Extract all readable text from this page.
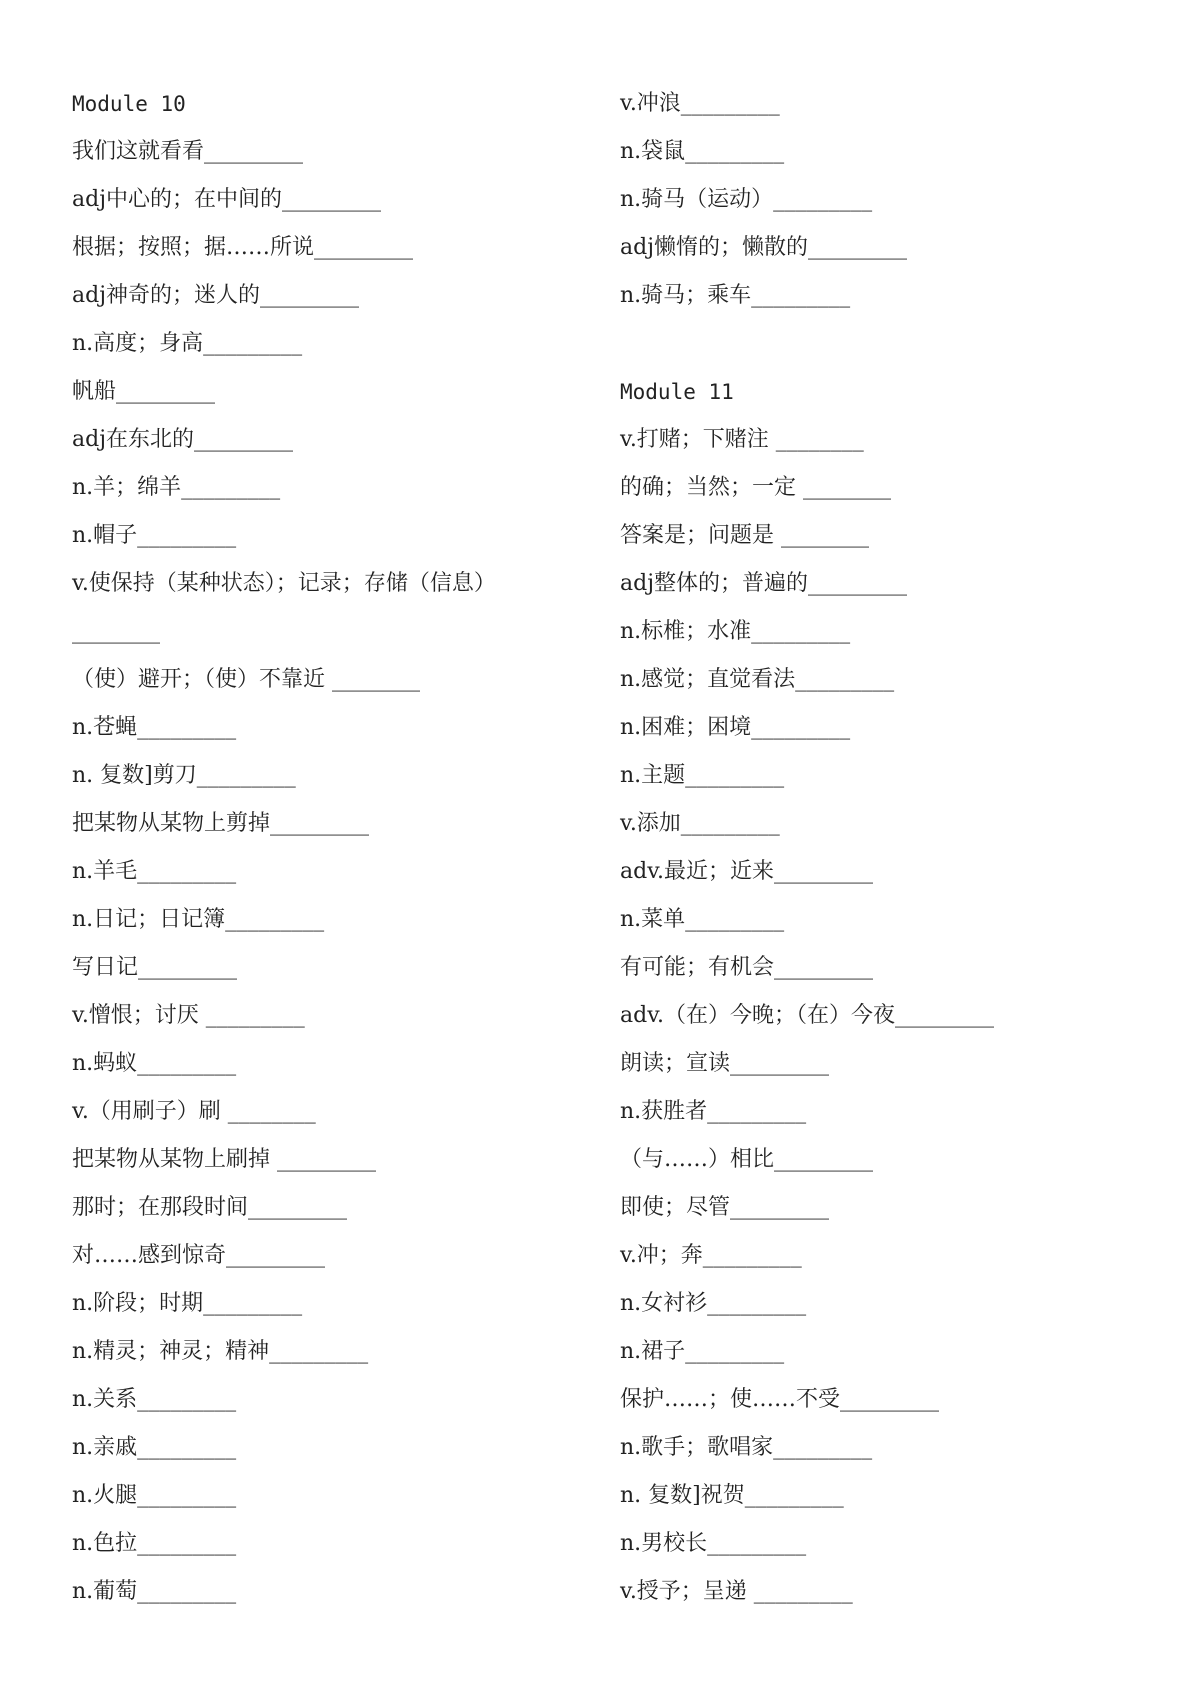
Module 10
我们这就看看_________
adj中心的；在中间的_________
根据；按照；据……所说_________
adj神奇的；迷人的_________
n.高度；身高_________
帆船_________
adj在东北的_________
n.羊；绵羊_________
n.帽子_________
v.使保持（某种状态）；记录；存储（信息）
________
（使）避开；（使）不靠近 ________
n.苍蝇_________
n. 复数]剪刀_________
把某物从某物上剪掉_________
n.羊毛_________
n.日记；日记簿_________
写日记_________
v.憎恨；讨厌 _________
n.蚂蚁_________
v.（用刷子）刷 ________
把某物从某物上刷掉 _________
那时；在那段时间_________
对……感到惊奇_________
n.阶段；时期_________
n.精灵；神灵；精神_________
n.关系_________
n.亲戚_________
n.火腿_________
n.色拉_________
n.葡萄_________
v.冲浪_________
n.袋鼠_________
n.骑马（运动）_________
adj懒惰的；懒散的_________
n.骑马；乘车_________
Module 11
v.打赌；下赌注 ________
的确；当然；一定 ________
答案是；问题是 ________
adj整体的；普遍的_________
n.标椎；水准_________
n.感觉；直觉看法_________
n.困难；困境_________
n.主题_________
v.添加_________
adv.最近；近来_________
n.菜单_________
有可能；有机会_________
adv.（在）今晚；（在）今夜_________
朗读；宣读_________
n.获胜者_________
（与……）相比_________
即使；尽管_________
v.冲；奔_________
n.女衬衫_________
n.裙子_________
保护……；使……不受_________
n.歌手；歌唱家_________
n. 复数]祝贺_________
n.男校长_________
v.授予；呈递 _________
